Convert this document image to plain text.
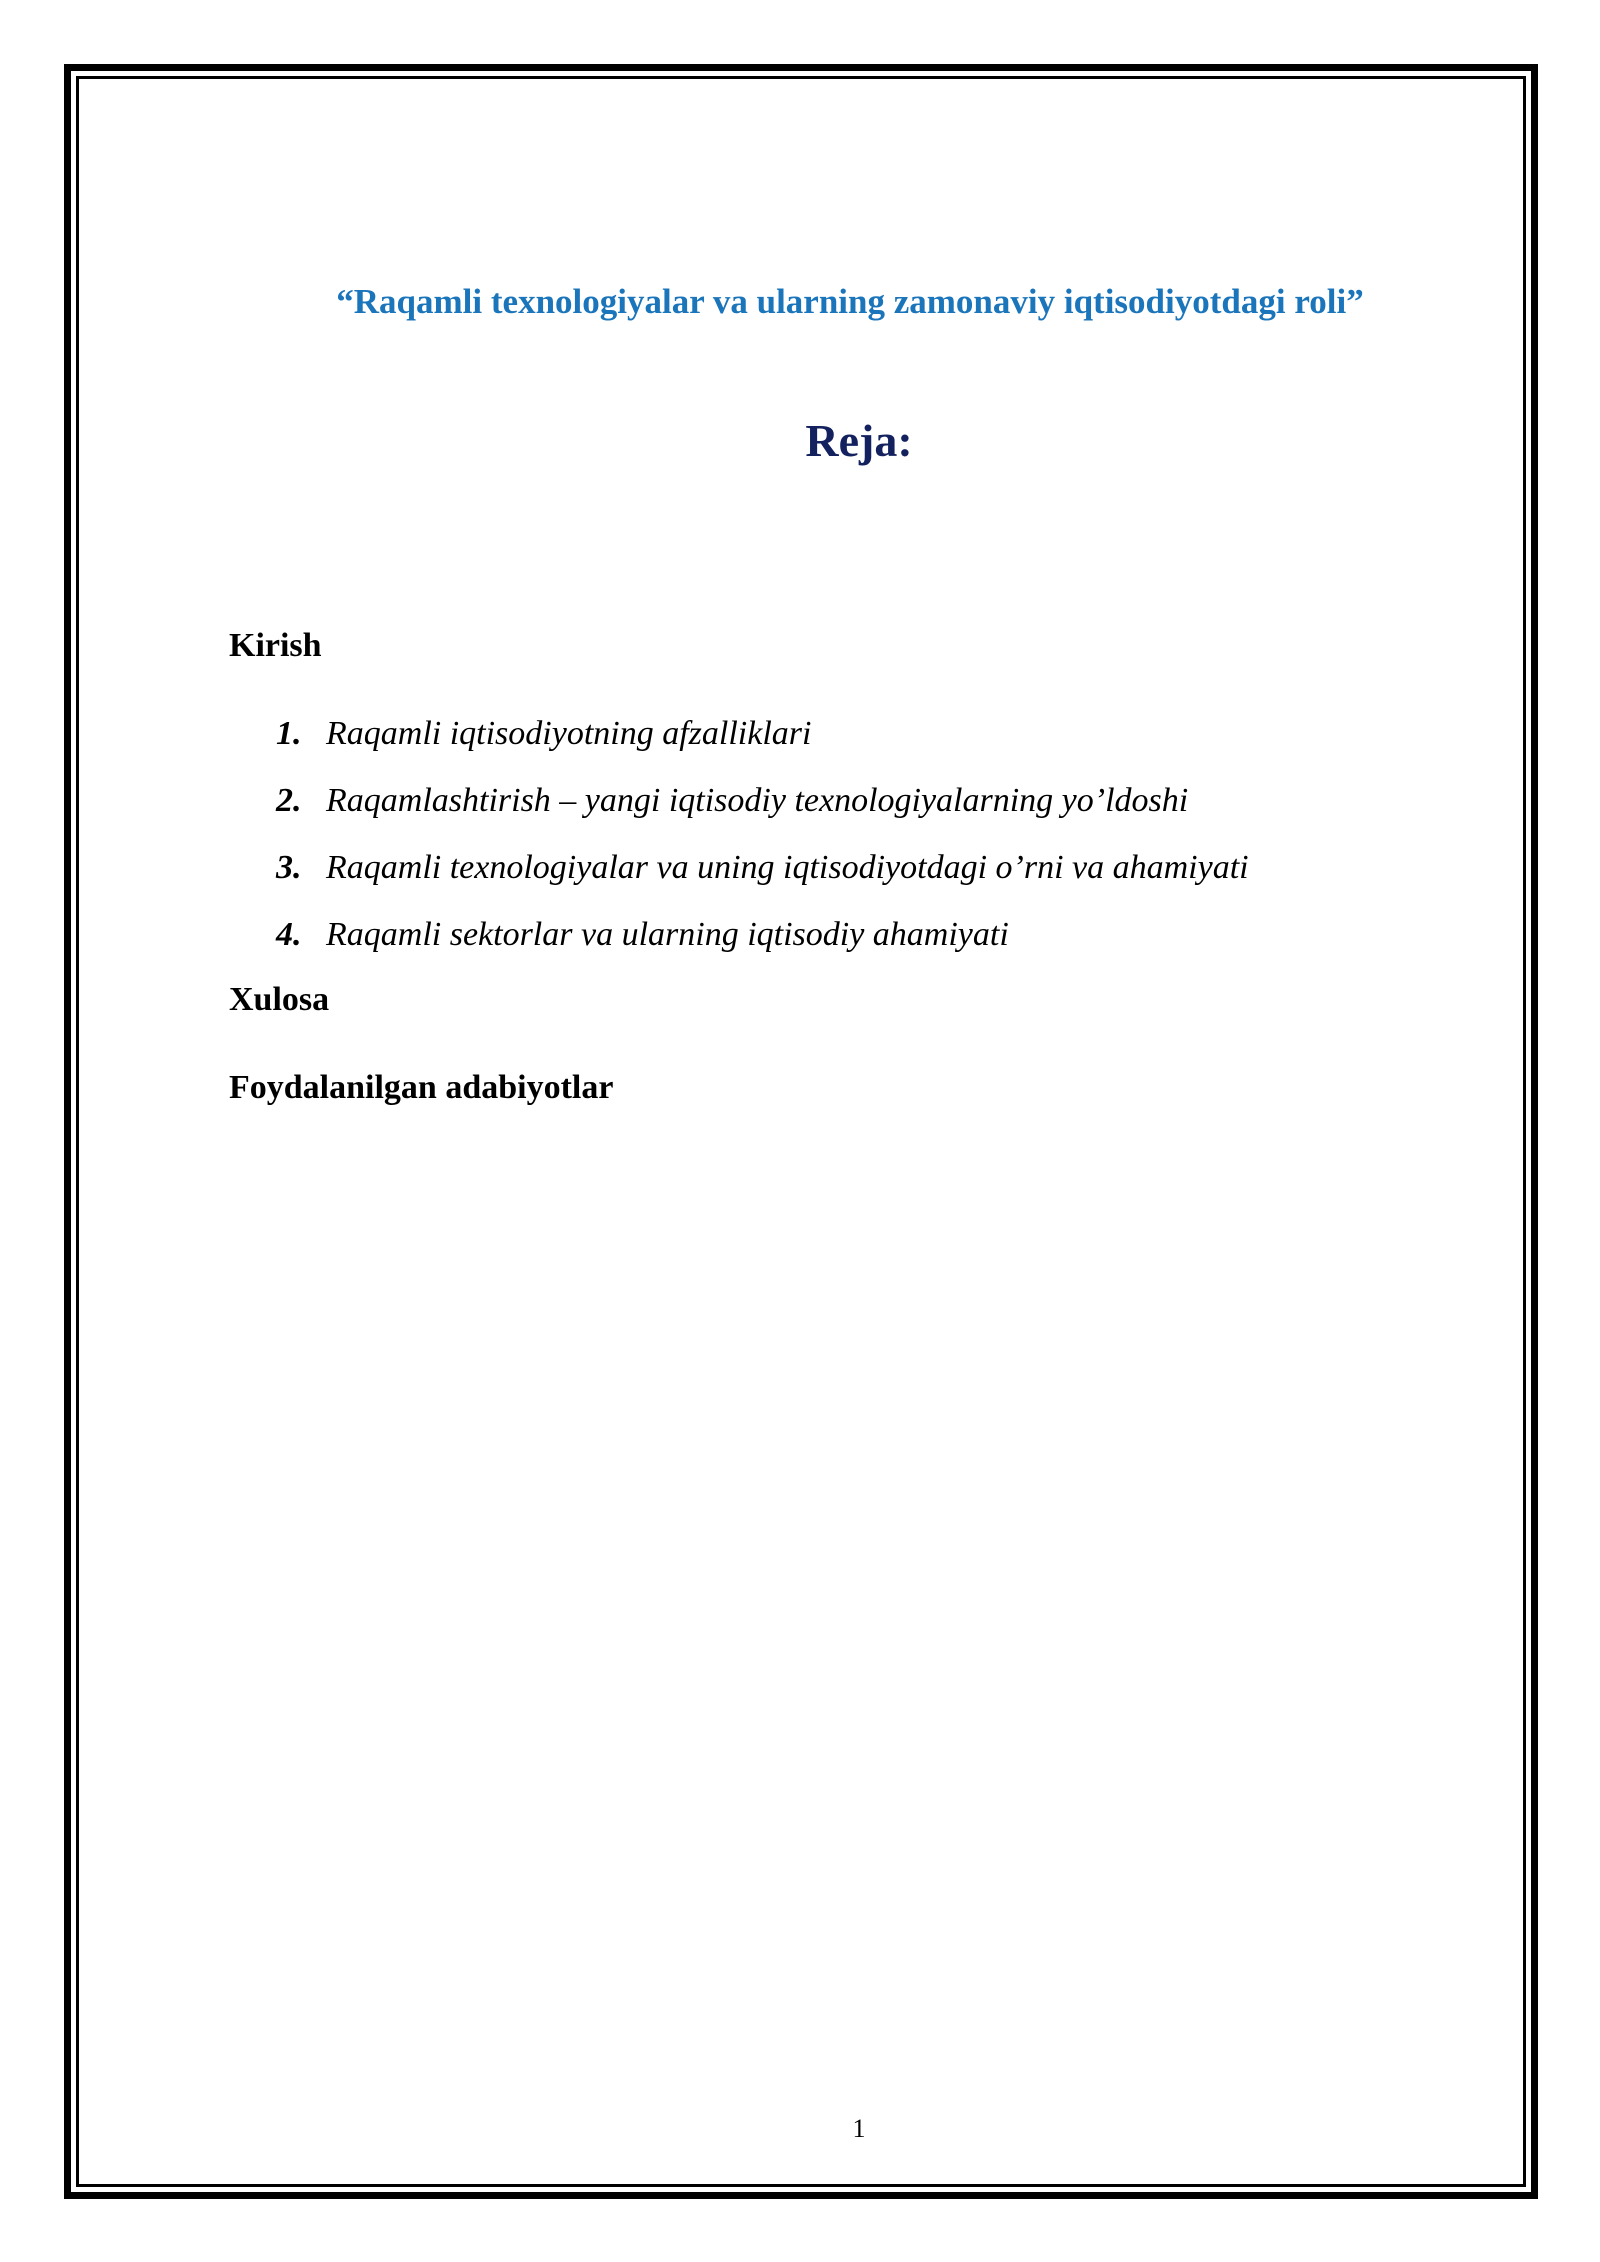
“Raqamli texnologiyalar va ularning zamonaviy iqtisodiyotdagi roli”
Reja:

Kirish

1. Raqamli iqtisodiyotning afzalliklari
2. Raqamlashtirish – yangi iqtisodiy texnologiyalarning yo’ldoshi
3. Raqamli texnologiyalar va uning iqtisodiyotdagi o’rni va ahamiyati
4. Raqamli sektorlar va ularning iqtisodiy ahamiyati

Xulosa

Foydalanilgan adabiyotlar

1
